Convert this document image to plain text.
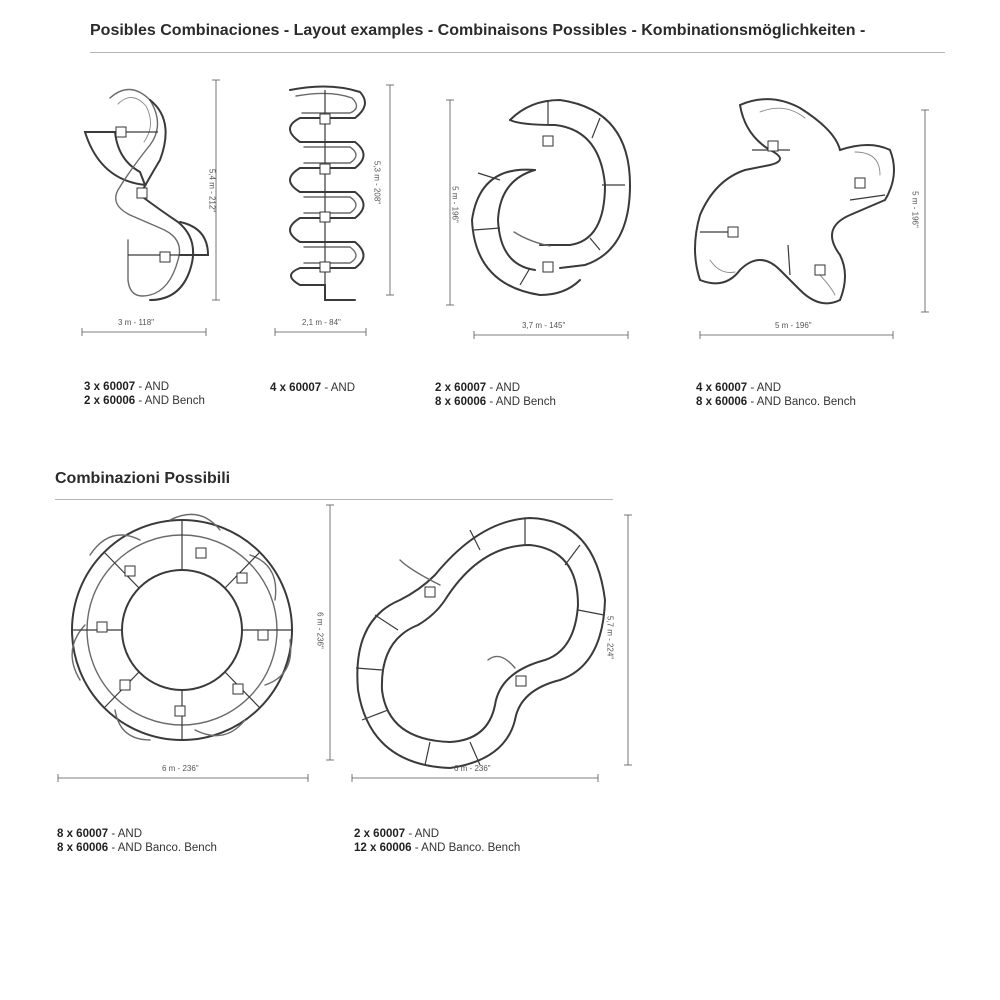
Posibles Combinaciones - Layout examples - Combinaisons Possibles - Kombinationsmöglichkeiten -
Combinazioni Possibili
3 m - 118"
5,4 m - 212"
2,1 m - 84"
5,3 m - 208"
3,7 m - 145"
5 m - 196"
5 m - 196"
5 m - 196"
6 m - 236"
6 m - 236"
6 m - 236"
5,7 m - 224"
3 x 60007 - AND
2 x 60006 - AND Bench
4 x 60007 - AND	2 x 60007 - AND
8 x 60006 - AND Bench
4 x 60007 - AND
8 x 60006 - AND Banco. Bench
8 x 60007 - AND
8 x 60006 - AND Banco. Bench
2 x 60007 - AND
12 x 60006 - AND Banco. Bench
